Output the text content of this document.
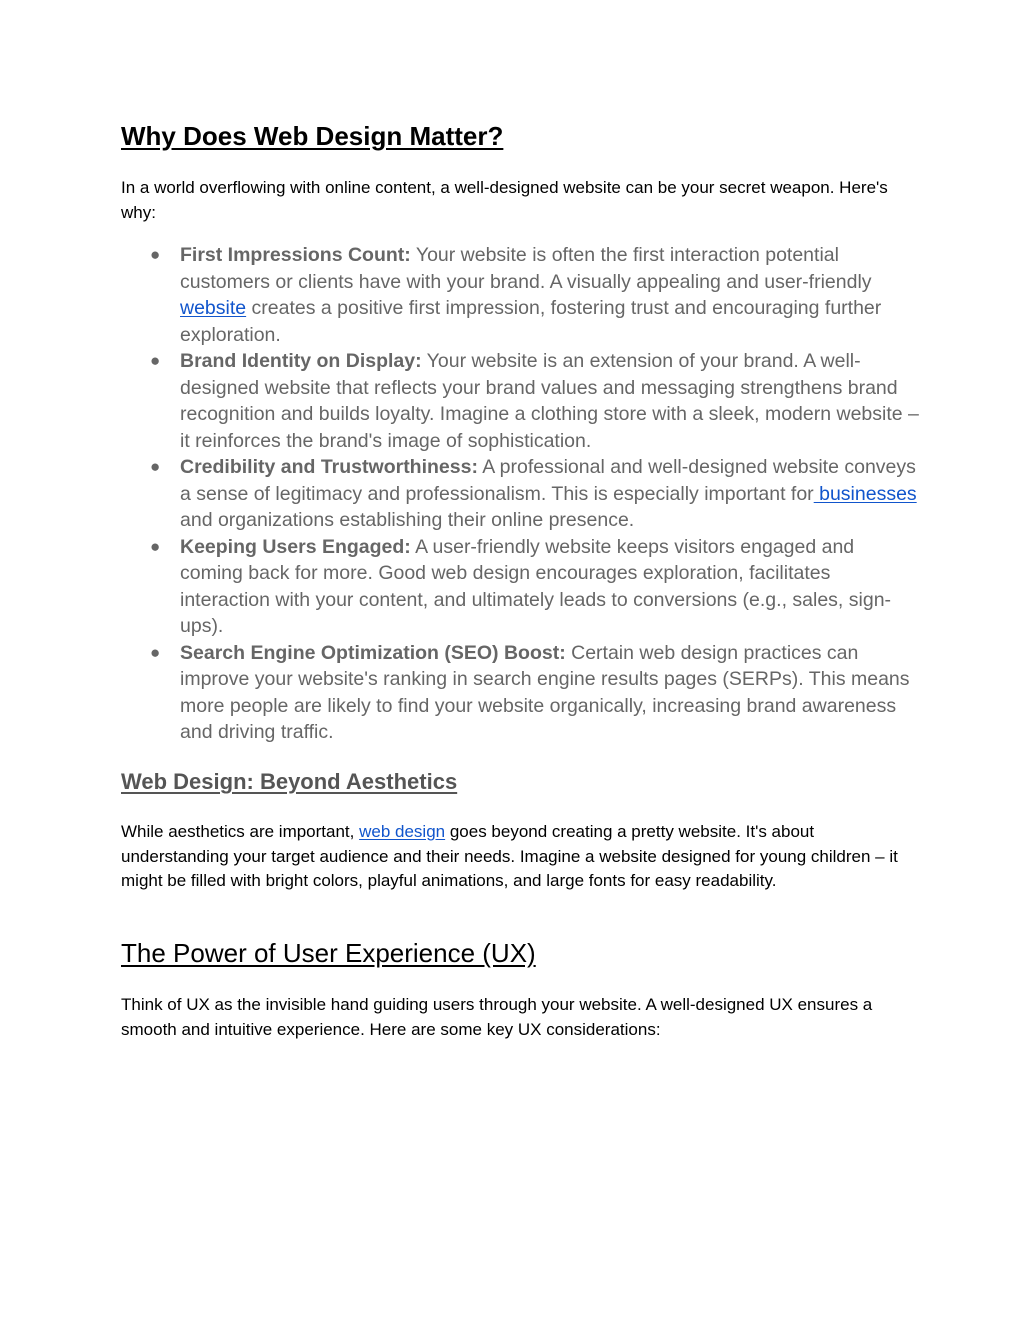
Why Does Web Design Matter?

In a world overflowing with online content, a well-designed website can be your secret weapon. Here's why:

● First Impressions Count: Your website is often the first interaction potential customers or clients have with your brand. A visually appealing and user-friendly website creates a positive first impression, fostering trust and encouraging further exploration.
● Brand Identity on Display: Your website is an extension of your brand. A well-designed website that reflects your brand values and messaging strengthens brand recognition and builds loyalty. Imagine a clothing store with a sleek, modern website – it reinforces the brand's image of sophistication.
● Credibility and Trustworthiness: A professional and well-designed website conveys a sense of legitimacy and professionalism. This is especially important for businesses and organizations establishing their online presence.
● Keeping Users Engaged: A user-friendly website keeps visitors engaged and coming back for more. Good web design encourages exploration, facilitates interaction with your content, and ultimately leads to conversions (e.g., sales, sign-ups).
● Search Engine Optimization (SEO) Boost: Certain web design practices can improve your website's ranking in search engine results pages (SERPs). This means more people are likely to find your website organically, increasing brand awareness and driving traffic.
Web Design: Beyond Aesthetics

While aesthetics are important, web design goes beyond creating a pretty website. It's about understanding your target audience and their needs. Imagine a website designed for young children – it might be filled with bright colors, playful animations, and large fonts for easy readability.

The Power of User Experience (UX)

Think of UX as the invisible hand guiding users through your website. A well-designed UX ensures a smooth and intuitive experience. Here are some key UX considerations:
